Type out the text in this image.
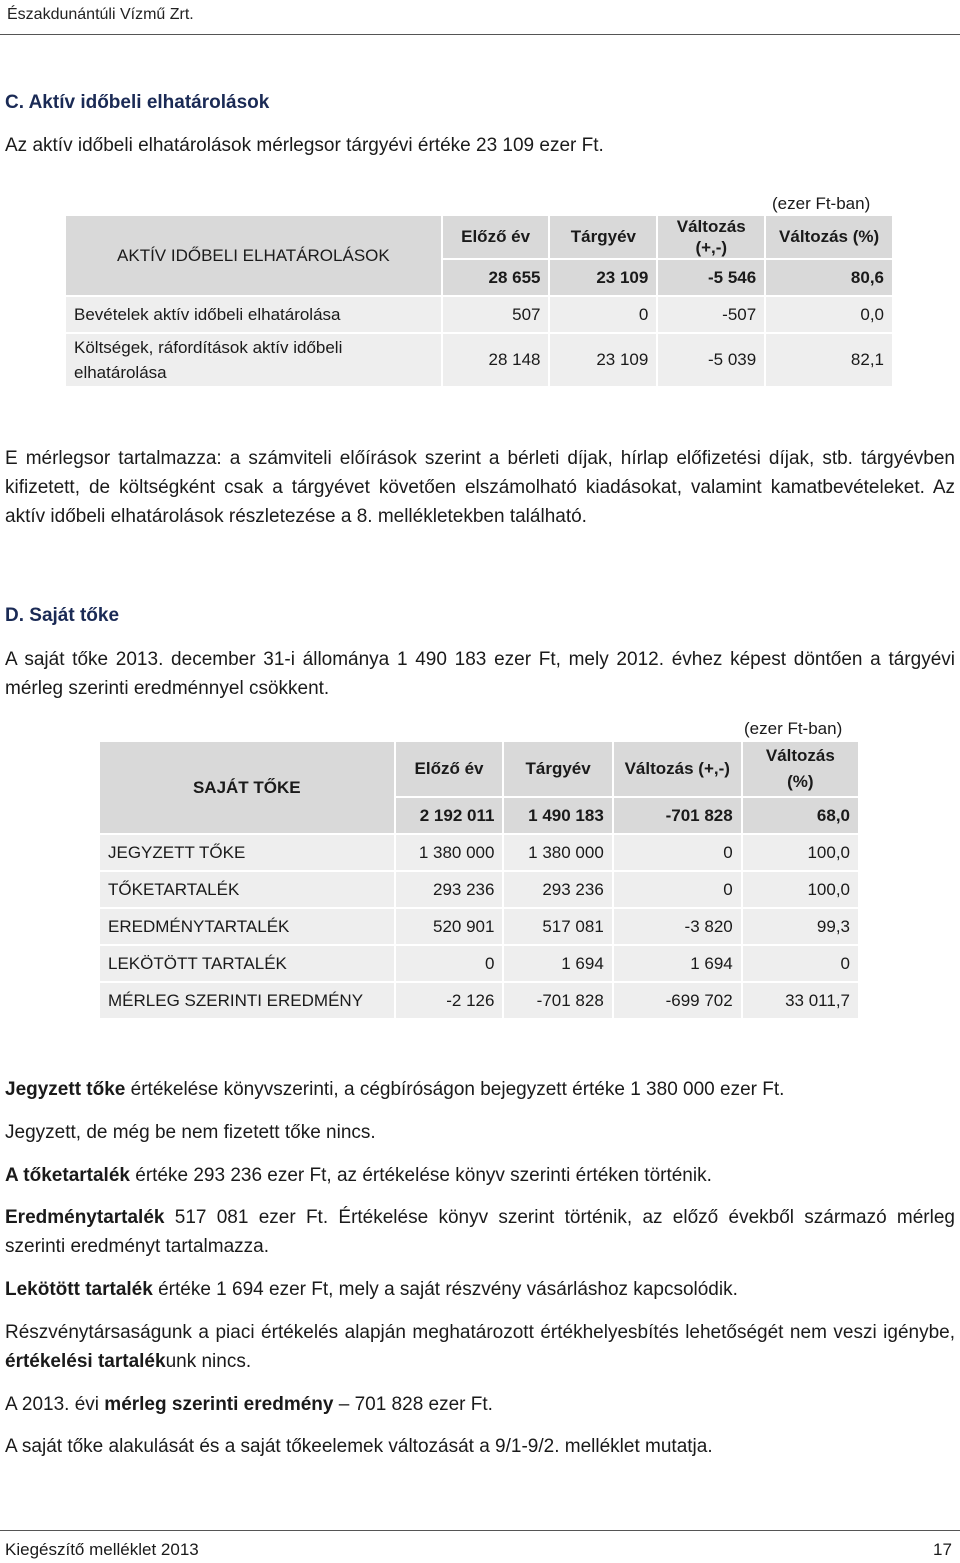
Északdunántúli Vízmű Zrt.
C. Aktív időbeli elhatárolások
Az aktív időbeli elhatárolások mérlegsor tárgyévi értéke 23 109 ezer Ft.
(ezer Ft-ban)
AKTÍV IDŐBELI ELHATÁROLÁSOK	Előző év	Tárgyév	Változás (+,-)	Változás (%)
	28 655	23 109	-5 546	80,6
Bevételek aktív időbeli elhatárolása	507	0	-507	0,0
Költségek, ráfordítások aktív időbeli elhatárolása	28 148	23 109	-5 039	82,1
E mérlegsor tartalmazza: a számviteli előírások szerint a bérleti díjak, hírlap előfizetési díjak, stb. tárgyévben kifizetett, de költségként csak a tárgyévet követően elszámolható kiadásokat, valamint kamatbevételeket. Az aktív időbeli elhatárolások részletezése a 8. mellékletekben található.
D. Saját tőke
A saját tőke 2013. december 31-i állománya 1 490 183 ezer Ft, mely 2012. évhez képest döntően a tárgyévi mérleg szerinti eredménnyel csökkent.
(ezer Ft-ban)
SAJÁT TŐKE	Előző év	Tárgyév	Változás (+,-)	Változás (%)
	2 192 011	1 490 183	-701 828	68,0
JEGYZETT TŐKE	1 380 000	1 380 000	0	100,0
TŐKETARTALÉK	293 236	293 236	0	100,0
EREDMÉNYTARTALÉK	520 901	517 081	-3 820	99,3
LEKÖTÖTT TARTALÉK	0	1 694	1 694	0
MÉRLEG SZERINTI EREDMÉNY	-2 126	-701 828	-699 702	33 011,7
Jegyzett tőke értékelése könyvszerinti, a cégbíróságon bejegyzett értéke 1 380 000 ezer Ft.
Jegyzett, de még be nem fizetett tőke nincs.
A tőketartalék értéke 293 236 ezer Ft, az értékelése könyv szerinti értéken történik.
Eredménytartalék 517 081 ezer Ft. Értékelése könyv szerint történik, az előző évekből származó mérleg szerinti eredményt tartalmazza.
Lekötött tartalék értéke 1 694 ezer Ft, mely a saját részvény vásárláshoz kapcsolódik.
Részvénytársaságunk a piaci értékelés alapján meghatározott értékhelyesbítés lehetőségét nem veszi igénybe, értékelési tartalékunk nincs.
A 2013. évi mérleg szerinti eredmény – 701 828 ezer Ft.
A saját tőke alakulását és a saját tőkeelemek változását a 9/1-9/2. melléklet mutatja.
Kiegészítő melléklet 2013	17
